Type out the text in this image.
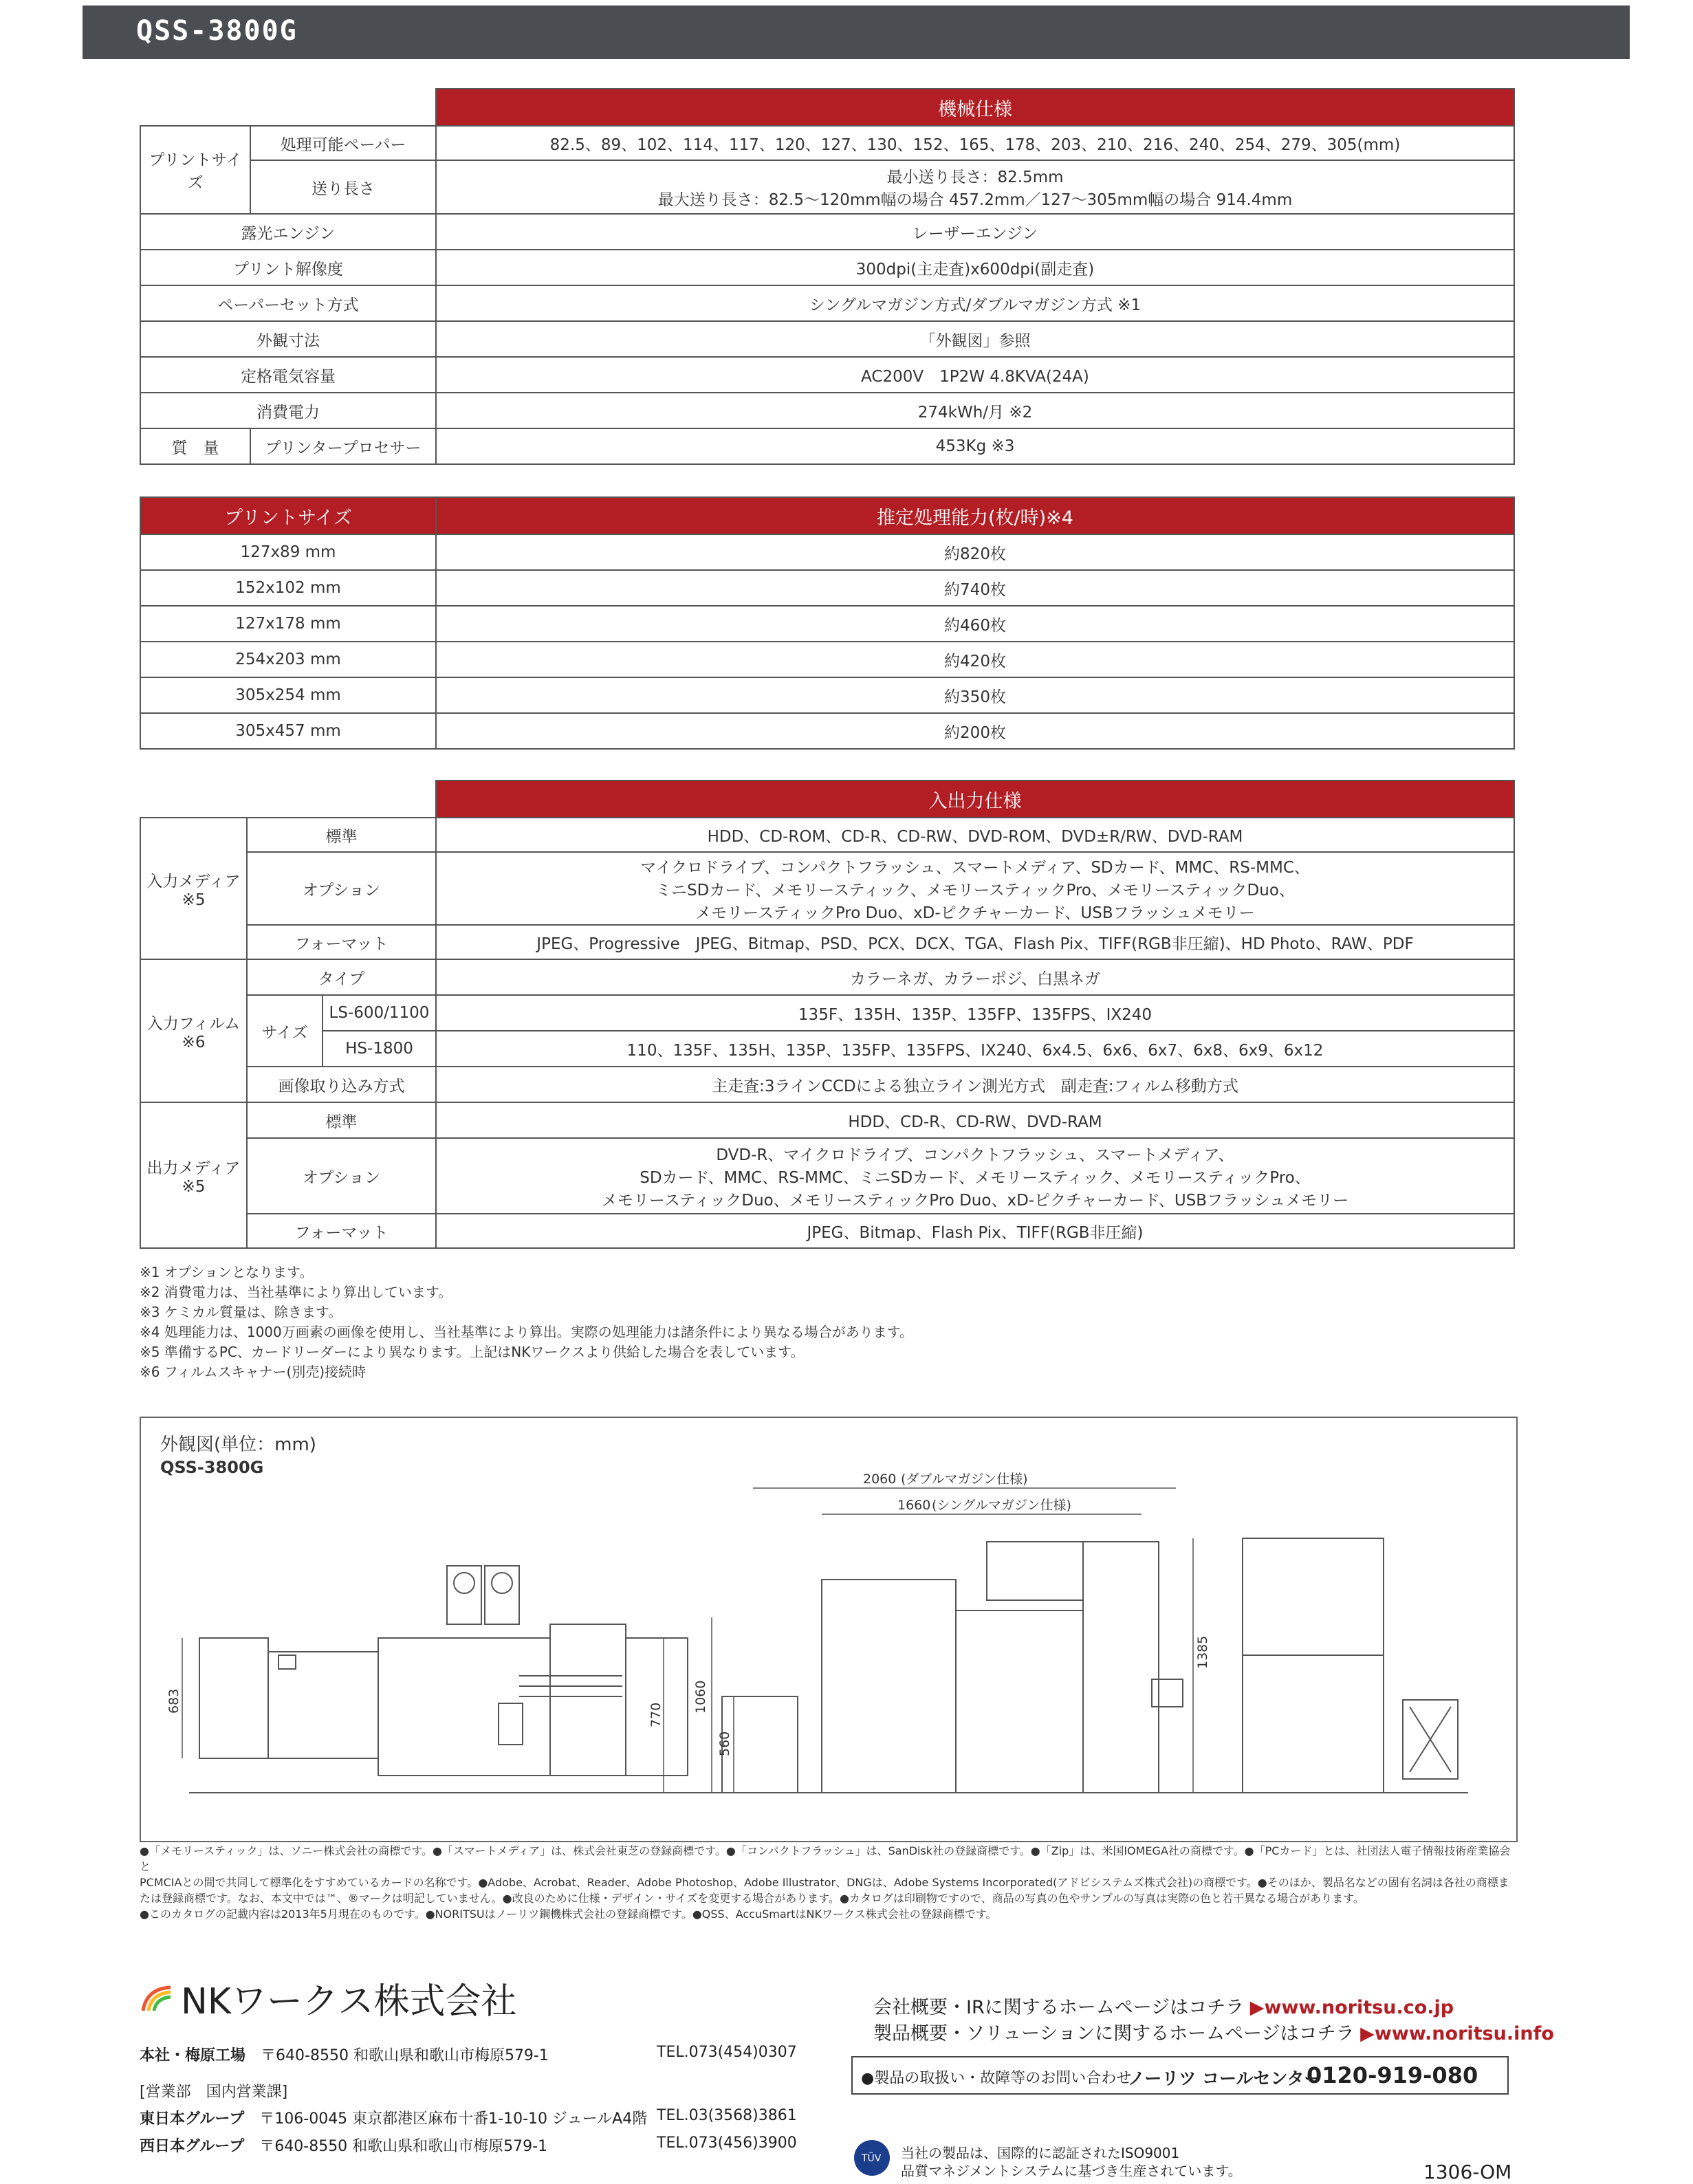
QSS-3800G
		機械仕様
プリントサイズ	処理可能ペーパー	82.5、89、102、114、117、120、127、130、152、165、178、203、210、216、240、254、279、305(mm)
	送り長さ	最小送り長さ：82.5mm
最大送り長さ：82.5～120mm幅の場合 457.2mm／127～305mm幅の場合 914.4mm

露光エンジン		レーザーエンジン
プリント解像度		300dpi(主走査)x600dpi(副走査)
ペーパーセット方式		シングルマガジン方式/ダブルマガジン方式 ※1
外観寸法		「外観図」参照
定格電気容量		AC200V　1P2W 4.8KVA(24A)
消費電力		274kWh/月 ※2
質　量	プリンタープロセサー	453Kg ※3
プリントサイズ	推定処理能力(枚/時)※4
127x89 mm	約820枚
152x102 mm	約740枚
127x178 mm	約460枚
254x203 mm	約420枚
305x254 mm	約350枚
305x457 mm	約200枚
			入出力仕様

入力メディア
※5	標準		HDD、CD-ROM、CD-R、CD-RW、DVD-ROM、DVD±R/RW、DVD-RAM
	オプション		マイクロドライブ、コンパクトフラッシュ、スマートメディア、SDカード、MMC、RS-MMC、
ミニSDカード、メモリースティック、メモリースティックPro、メモリースティックDuo、
メモリースティックPro Duo、xD-ピクチャーカード、USBフラッシュメモリー

	フォーマット		JPEG、Progressive　JPEG、Bitmap、PSD、PCX、DCX、TGA、Flash Pix、TIFF(RGB非圧縮)、HD Photo、RAW、PDF

入力フィルム
※6	タイプ		カラーネガ、カラーポジ、白黒ネガ
	サイズ	LS-600/1100	135F、135H、135P、135FP、135FPS、IX240
		HS-1800	110、135F、135H、135P、135FP、135FPS、IX240、6x4.5、6x6、6x7、6x8、6x9、6x12
	画像取り込み方式		主走査:3ラインCCDによる独立ライン測光方式　副走査:フィルム移動方式

出力メディア
※5	標準		HDD、CD-R、CD-RW、DVD-RAM
	オプション		DVD-R、マイクロドライブ、コンパクトフラッシュ、スマートメディア、
SDカード、MMC、RS-MMC、ミニSDカード、メモリースティック、メモリースティックPro、
メモリースティックDuo、メモリースティックPro Duo、xD-ピクチャーカード、USBフラッシュメモリー

	フォーマット		JPEG、Bitmap、Flash Pix、TIFF(RGB非圧縮)
※1 オプションとなります。
※2 消費電力は、当社基準により算出しています。
※3 ケミカル質量は、除きます。
※4 処理能力は、1000万画素の画像を使用し、当社基準により算出。実際の処理能力は諸条件により異なる場合があります。
※5 準備するPC、カードリーダーにより異なります。上記はNKワークスより供給した場合を表しています。
※6 フィルムスキャナー(別売)接続時
外観図(単位：mm)
QSS-3800G
2060 (ダブルマガジン仕様)
1660 (シングルマガジン仕様)
1385
1060
560
683
770
●「メモリースティック」は、ソニー株式会社の商標です。●「スマートメディア」は、株式会社東芝の登録商標です。●「コンパクトフラッシュ」は、SanDisk社の登録商標です。●「Zip」は、米国IOMEGA社の商標です。●「PCカード」とは、社団法人電子情報技術産業協会と
PCMCIAとの間で共同して標準化をすすめているカードの名称です。●Adobe、Acrobat、Reader、Adobe Photoshop、Adobe Illustrator、DNGは、Adobe Systems Incorporated(アドビシステムズ株式会社)の商標です。●そのほか、製品名などの固有名詞は各社の商標ま
たは登録商標です。なお、本文中では™、®マークは明記していません。●改良のために仕様・デザイン・サイズを変更する場合があります。●カタログは印刷物ですので、商品の写真の色やサンプルの写真は実際の色と若干異なる場合があります。
●このカタログの記載内容は2013年5月現在のものです。●NORITSUはノーリツ鋼機株式会社の登録商標です。●QSS、AccuSmartはNKワークス株式会社の登録商標です。
NKワークス株式会社
本社・梅原工場　 〒640-8550 和歌山県和歌山市梅原579-1	TEL.073(454)0307
[営業部　国内営業課]
東日本グループ　 〒106-0045 東京都港区麻布十番1-10-10 ジュールA4階 TEL.03(3568)3861
西日本グループ　 〒640-8550 和歌山県和歌山市梅原579-1	TEL.073(456)3900
会社概要・IRに関するホームページはコチラ ▶www.noritsu.co.jp
製品概要・ソリューションに関するホームページはコチラ ▶www.noritsu.info
●製品の取扱い・故障等のお問い合わせ
ノーリツ コールセンター
0120-919-080
TÜV 当社の製品は、国際的に認証されたISO9001
品質マネジメントシステムに基づき生産されています。	1306-OM
